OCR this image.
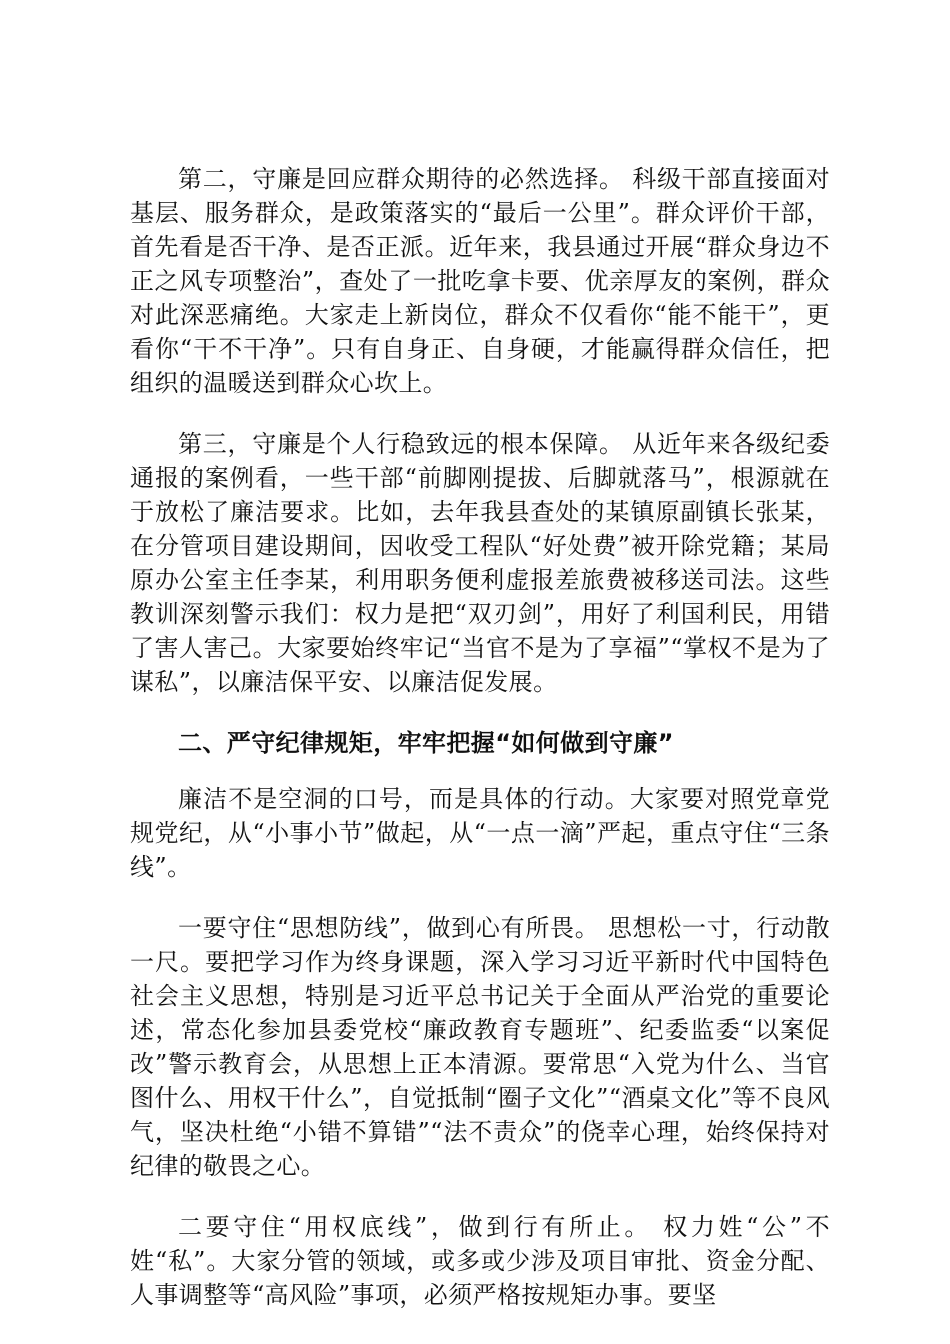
第二，守廉是回应群众期待的必然选择。 科级干部直接面对基层、服务群众，是政策落实的“最后一公里”。群众评价干部，首先看是否干净、是否正派。近年来，我县通过开展“群众身边不正之风专项整治”，查处了一批吃拿卡要、优亲厚友的案例，群众对此深恶痛绝。大家走上新岗位，群众不仅看你“能不能干”，更看你“干不干净”。只有自身正、自身硬，才能赢得群众信任，把组织的温暖送到群众心坎上。

第三，守廉是个人行稳致远的根本保障。 从近年来各级纪委通报的案例看，一些干部“前脚刚提拔、后脚就落马”，根源就在于放松了廉洁要求。比如，去年我县查处的某镇原副镇长张某，在分管项目建设期间，因收受工程队“好处费”被开除党籍；某局原办公室主任李某，利用职务便利虚报差旅费被移送司法。这些教训深刻警示我们：权力是把“双刃剑”，用好了利国利民，用错了害人害己。大家要始终牢记“当官不是为了享福”“掌权不是为了谋私”，以廉洁保平安、以廉洁促发展。

二、严守纪律规矩，牢牢把握“如何做到守廉”

廉洁不是空洞的口号，而是具体的行动。大家要对照党章党规党纪，从“小事小节”做起，从“一点一滴”严起，重点守住“三条线”。

一要守住“思想防线”，做到心有所畏。 思想松一寸，行动散一尺。要把学习作为终身课题，深入学习习近平新时代中国特色社会主义思想，特别是习近平总书记关于全面从严治党的重要论述，常态化参加县委党校“廉政教育专题班”、纪委监委“以案促改”警示教育会，从思想上正本清源。要常思“入党为什么、当官图什么、用权干什么”，自觉抵制“圈子文化”“酒桌文化”等不良风气，坚决杜绝“小错不算错”“法不责众”的侥幸心理，始终保持对纪律的敬畏之心。

二要守住“用权底线”，做到行有所止。 权力姓“公”不姓“私”。大家分管的领域，或多或少涉及项目审批、资金分配、人事调整等“高风险”事项，必须严格按规矩办事。要坚
